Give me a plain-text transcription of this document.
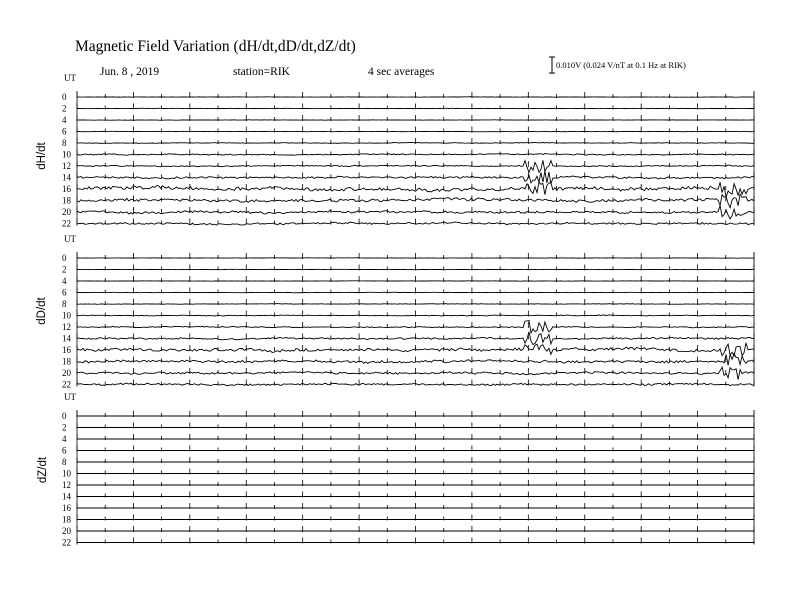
Magnetic Field Variation (dH/dt,dD/dt,dZ/dt)
Jun. 8 , 2019	station=RIK	4 sec averages
0.010V (0.024 V/nT at 0.1 Hz at RIK)
UT
UT
UT
dH/dt
dD/dt
dZ/dt
0
2
4
6
8
10
12
14
16
18
20
22
0
2
4
6
8
10
12
14
16
18
20
22
0
2
4
6
8
10
12
14
16
18
20
22
